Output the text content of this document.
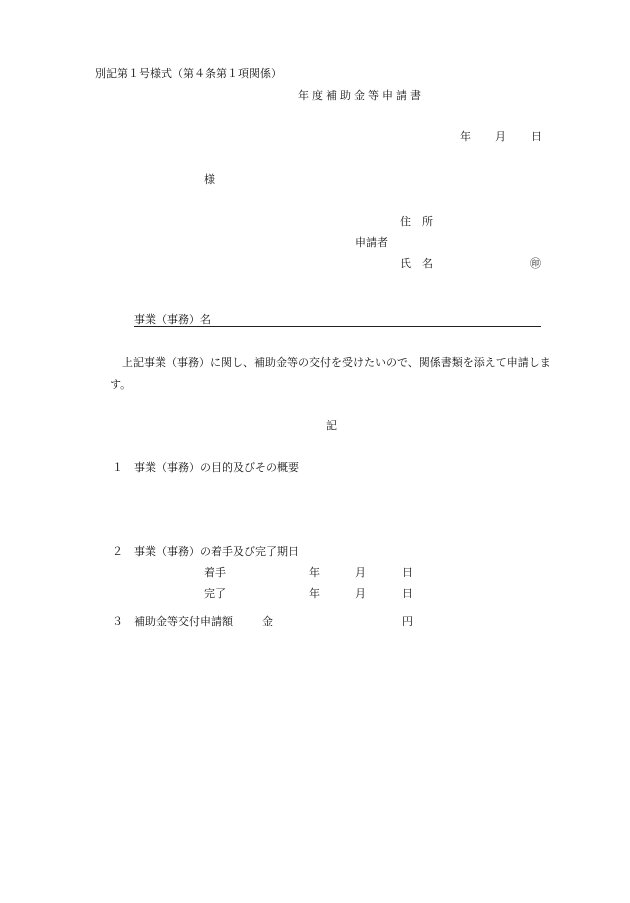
別記第１号様式（第４条第１項関係）
年度補助金等申請書
年 月 日
様
住　所
申請者
氏　名	㊞
事業（事務）名
上記事業（事務）に関し、補助金等の交付を受けたいので、関係書類を添えて申請します。
記
１ 事業（事務）の目的及びその概要
２ 事業（事務）の着手及び完了期日
着手	年	月	日
完了	年	月	日
３ 補助金等交付申請額	金	円
